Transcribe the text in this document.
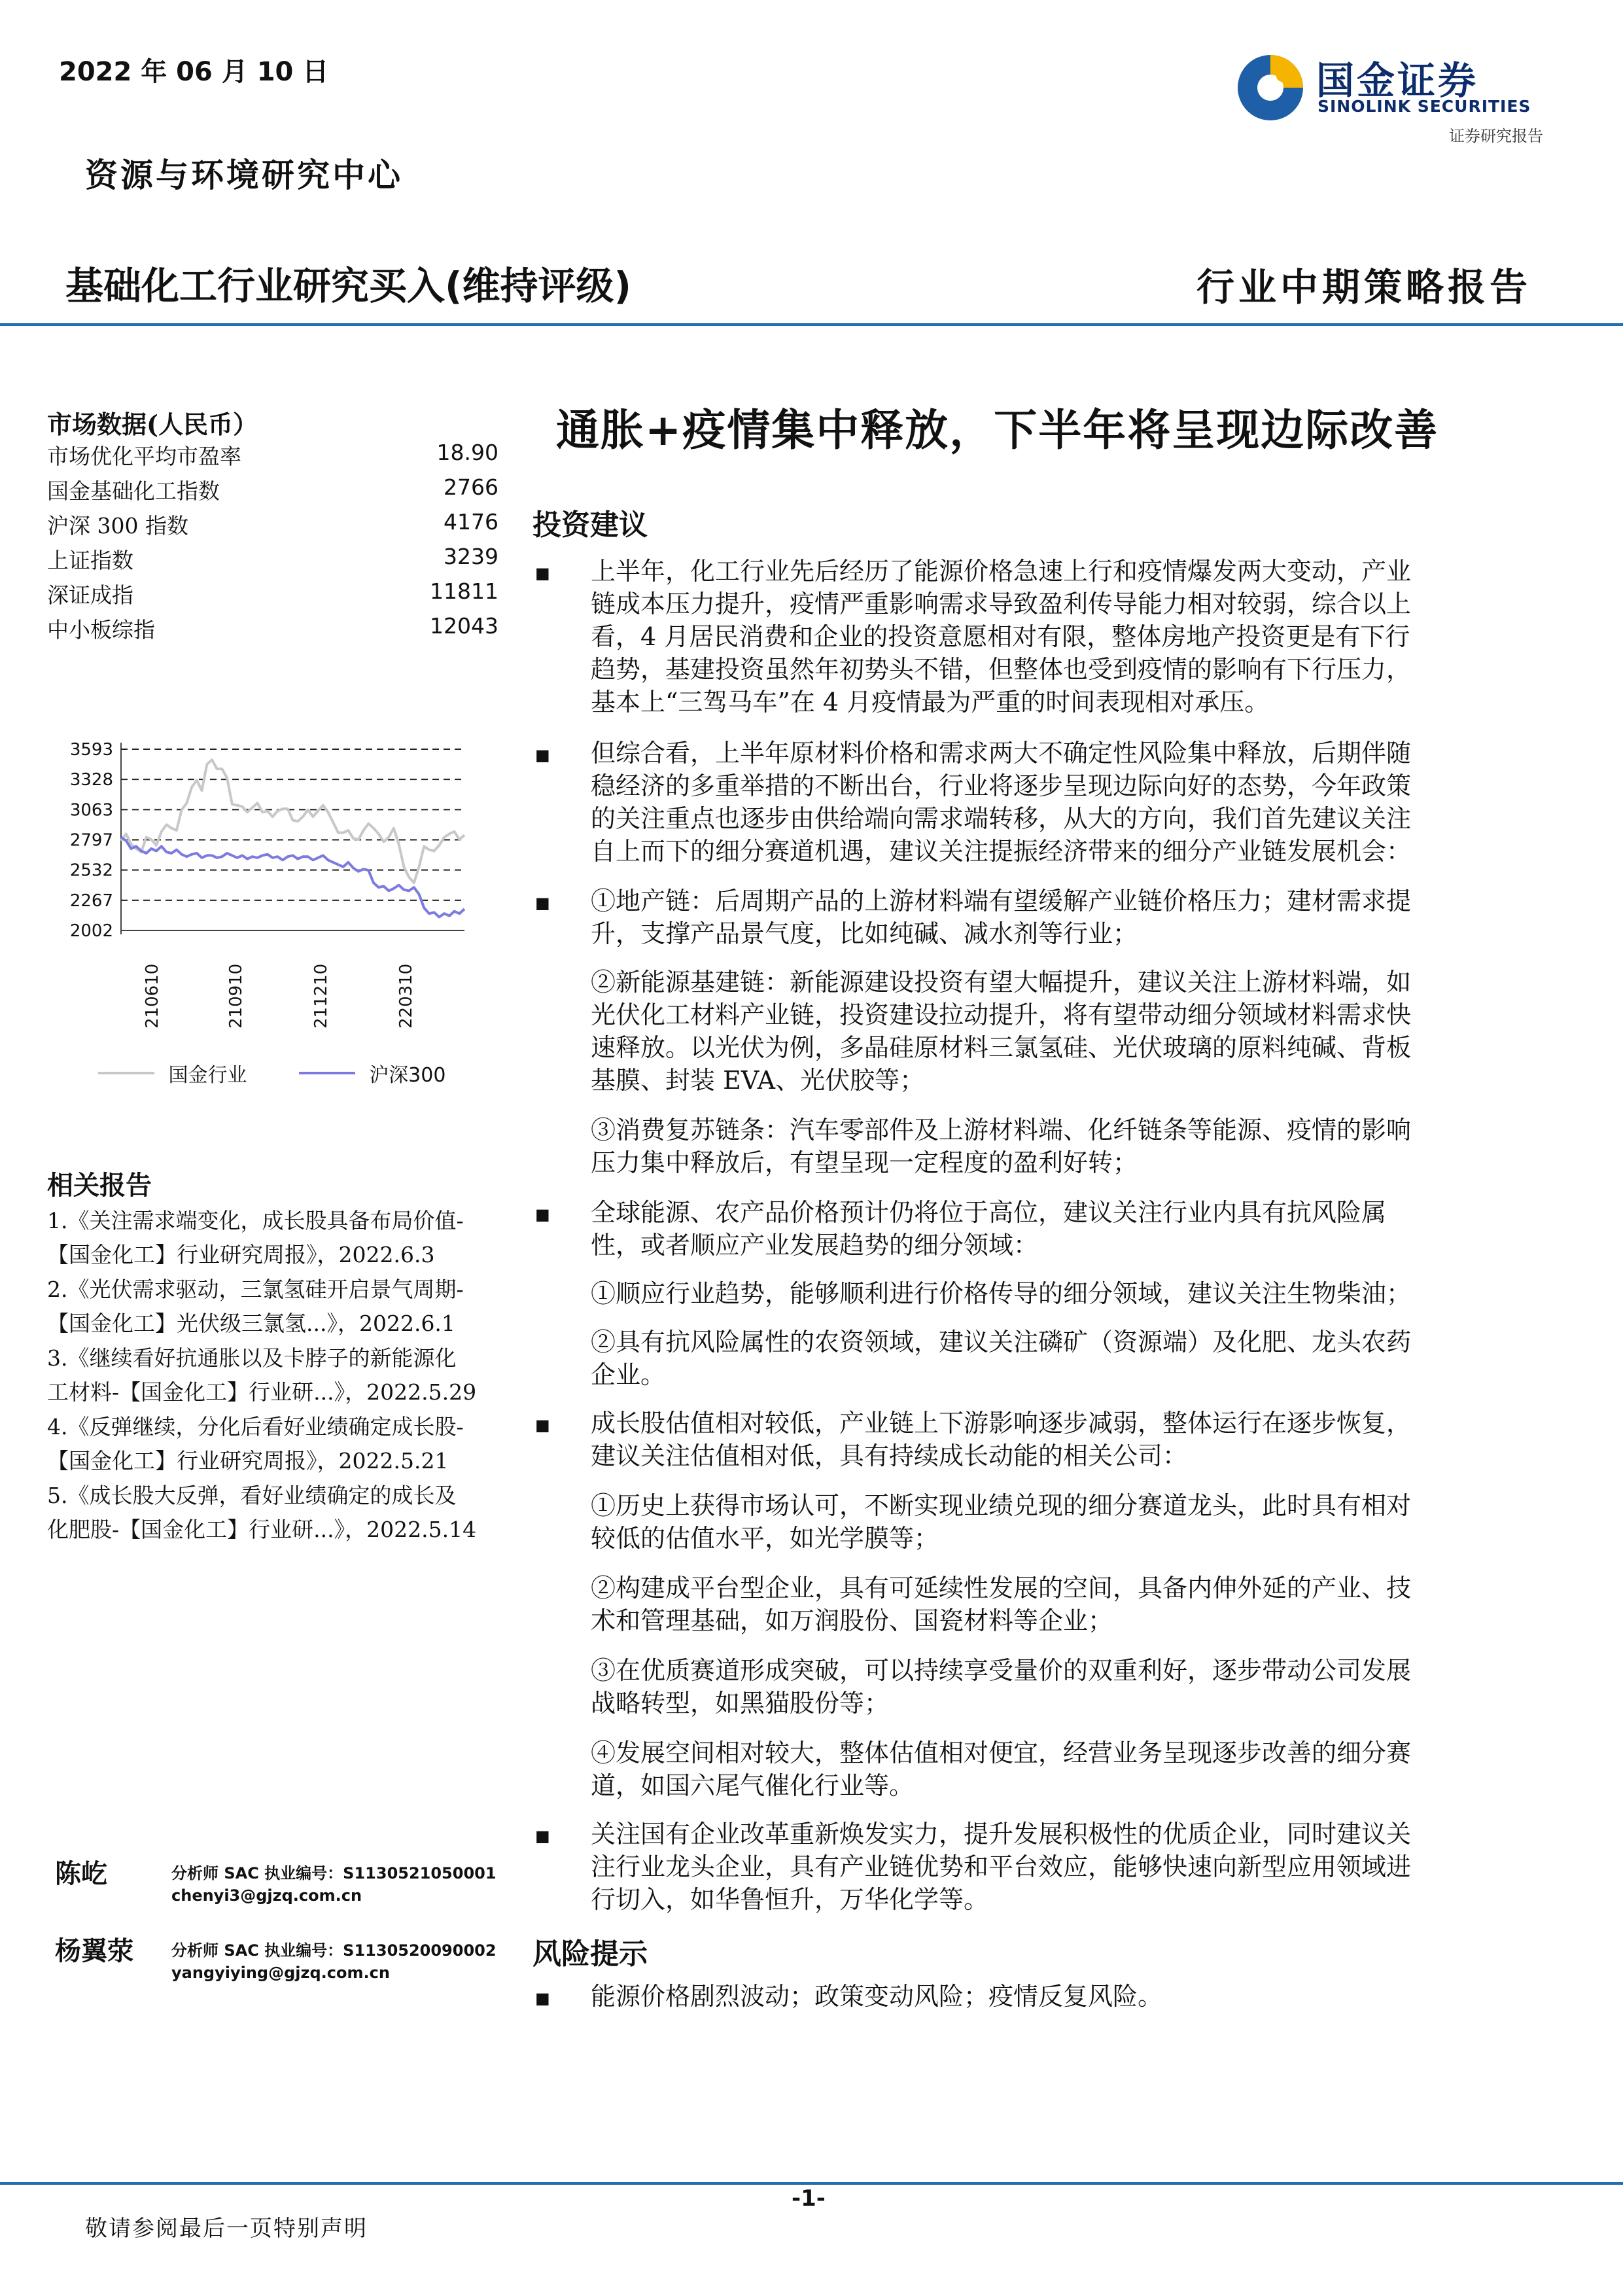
2022 年 06 月 10 日	国金证券
SINOLINK SECURITIES
证券研究报告
资源与环境研究中心
基础化工行业研究买入(维持评级)	行业中期策略报告
市场数据(人民币）
市场优化平均市盈率	18.90
国金基础化工指数	2766
沪深 300 指数	4176
上证指数	3239
深证成指	11811
中小板综指	12043
3593
3328
3063
2797
2532
2267
2002
210610	210910	211210	220310
国金行业	沪深300
相关报告
1.《关注需求端变化，成长股具备布局价值-
【国金化工】行业研究周报》，2022.6.3
2.《光伏需求驱动，三氯氢硅开启景气周期-
【国金化工】光伏级三氯氢...》，2022.6.1
3.《继续看好抗通胀以及卡脖子的新能源化
工材料-【国金化工】行业研...》，2022.5.29
4.《反弹继续，分化后看好业绩确定成长股-
【国金化工】行业研究周报》，2022.5.21
5.《成长股大反弹，看好业绩确定的成长及
化肥股-【国金化工】行业研...》，2022.5.14
陈屹	分析师 SAC 执业编号：S1130521050001
chenyi3@gjzq.com.cn
杨翼荥 分析师 SAC 执业编号：S1130520090002
yangyiying@gjzq.com.cn
通胀+疫情集中释放，下半年将呈现边际改善
投资建议
■ 上半年，化工行业先后经历了能源价格急速上行和疫情爆发两大变动，产业
链成本压力提升，疫情严重影响需求导致盈利传导能力相对较弱，综合以上
看，4 月居民消费和企业的投资意愿相对有限，整体房地产投资更是有下行
趋势，基建投资虽然年初势头不错，但整体也受到疫情的影响有下行压力，
基本上“三驾马车”在 4 月疫情最为严重的时间表现相对承压。
■ 但综合看，上半年原材料价格和需求两大不确定性风险集中释放，后期伴随
稳经济的多重举措的不断出台，行业将逐步呈现边际向好的态势，今年政策
的关注重点也逐步由供给端向需求端转移，从大的方向，我们首先建议关注
自上而下的细分赛道机遇，建议关注提振经济带来的细分产业链发展机会：
■ ①地产链：后周期产品的上游材料端有望缓解产业链价格压力；建材需求提
升，支撑产品景气度，比如纯碱、减水剂等行业；
②新能源基建链：新能源建设投资有望大幅提升，建议关注上游材料端，如
光伏化工材料产业链，投资建设拉动提升，将有望带动细分领域材料需求快
速释放。以光伏为例，多晶硅原材料三氯氢硅、光伏玻璃的原料纯碱、背板
基膜、封装 EVA、光伏胶等；
③消费复苏链条：汽车零部件及上游材料端、化纤链条等能源、疫情的影响
压力集中释放后，有望呈现一定程度的盈利好转；
■ 全球能源、农产品价格预计仍将位于高位，建议关注行业内具有抗风险属
性，或者顺应产业发展趋势的细分领域：
①顺应行业趋势，能够顺利进行价格传导的细分领域，建议关注生物柴油；
②具有抗风险属性的农资领域，建议关注磷矿（资源端）及化肥、龙头农药
企业。
■ 成长股估值相对较低，产业链上下游影响逐步减弱，整体运行在逐步恢复，
建议关注估值相对低，具有持续成长动能的相关公司：
①历史上获得市场认可，不断实现业绩兑现的细分赛道龙头，此时具有相对
较低的估值水平，如光学膜等；
②构建成平台型企业，具有可延续性发展的空间，具备内伸外延的产业、技
术和管理基础，如万润股份、国瓷材料等企业；
③在优质赛道形成突破，可以持续享受量价的双重利好，逐步带动公司发展
战略转型，如黑猫股份等；
④发展空间相对较大，整体估值相对便宜，经营业务呈现逐步改善的细分赛
道，如国六尾气催化行业等。
■ 关注国有企业改革重新焕发实力，提升发展积极性的优质企业，同时建议关
注行业龙头企业，具有产业链优势和平台效应，能够快速向新型应用领域进
行切入，如华鲁恒升，万华化学等。
风险提示
■ 能源价格剧烈波动；政策变动风险；疫情反复风险。
-1-
敬请参阅最后一页特别声明
